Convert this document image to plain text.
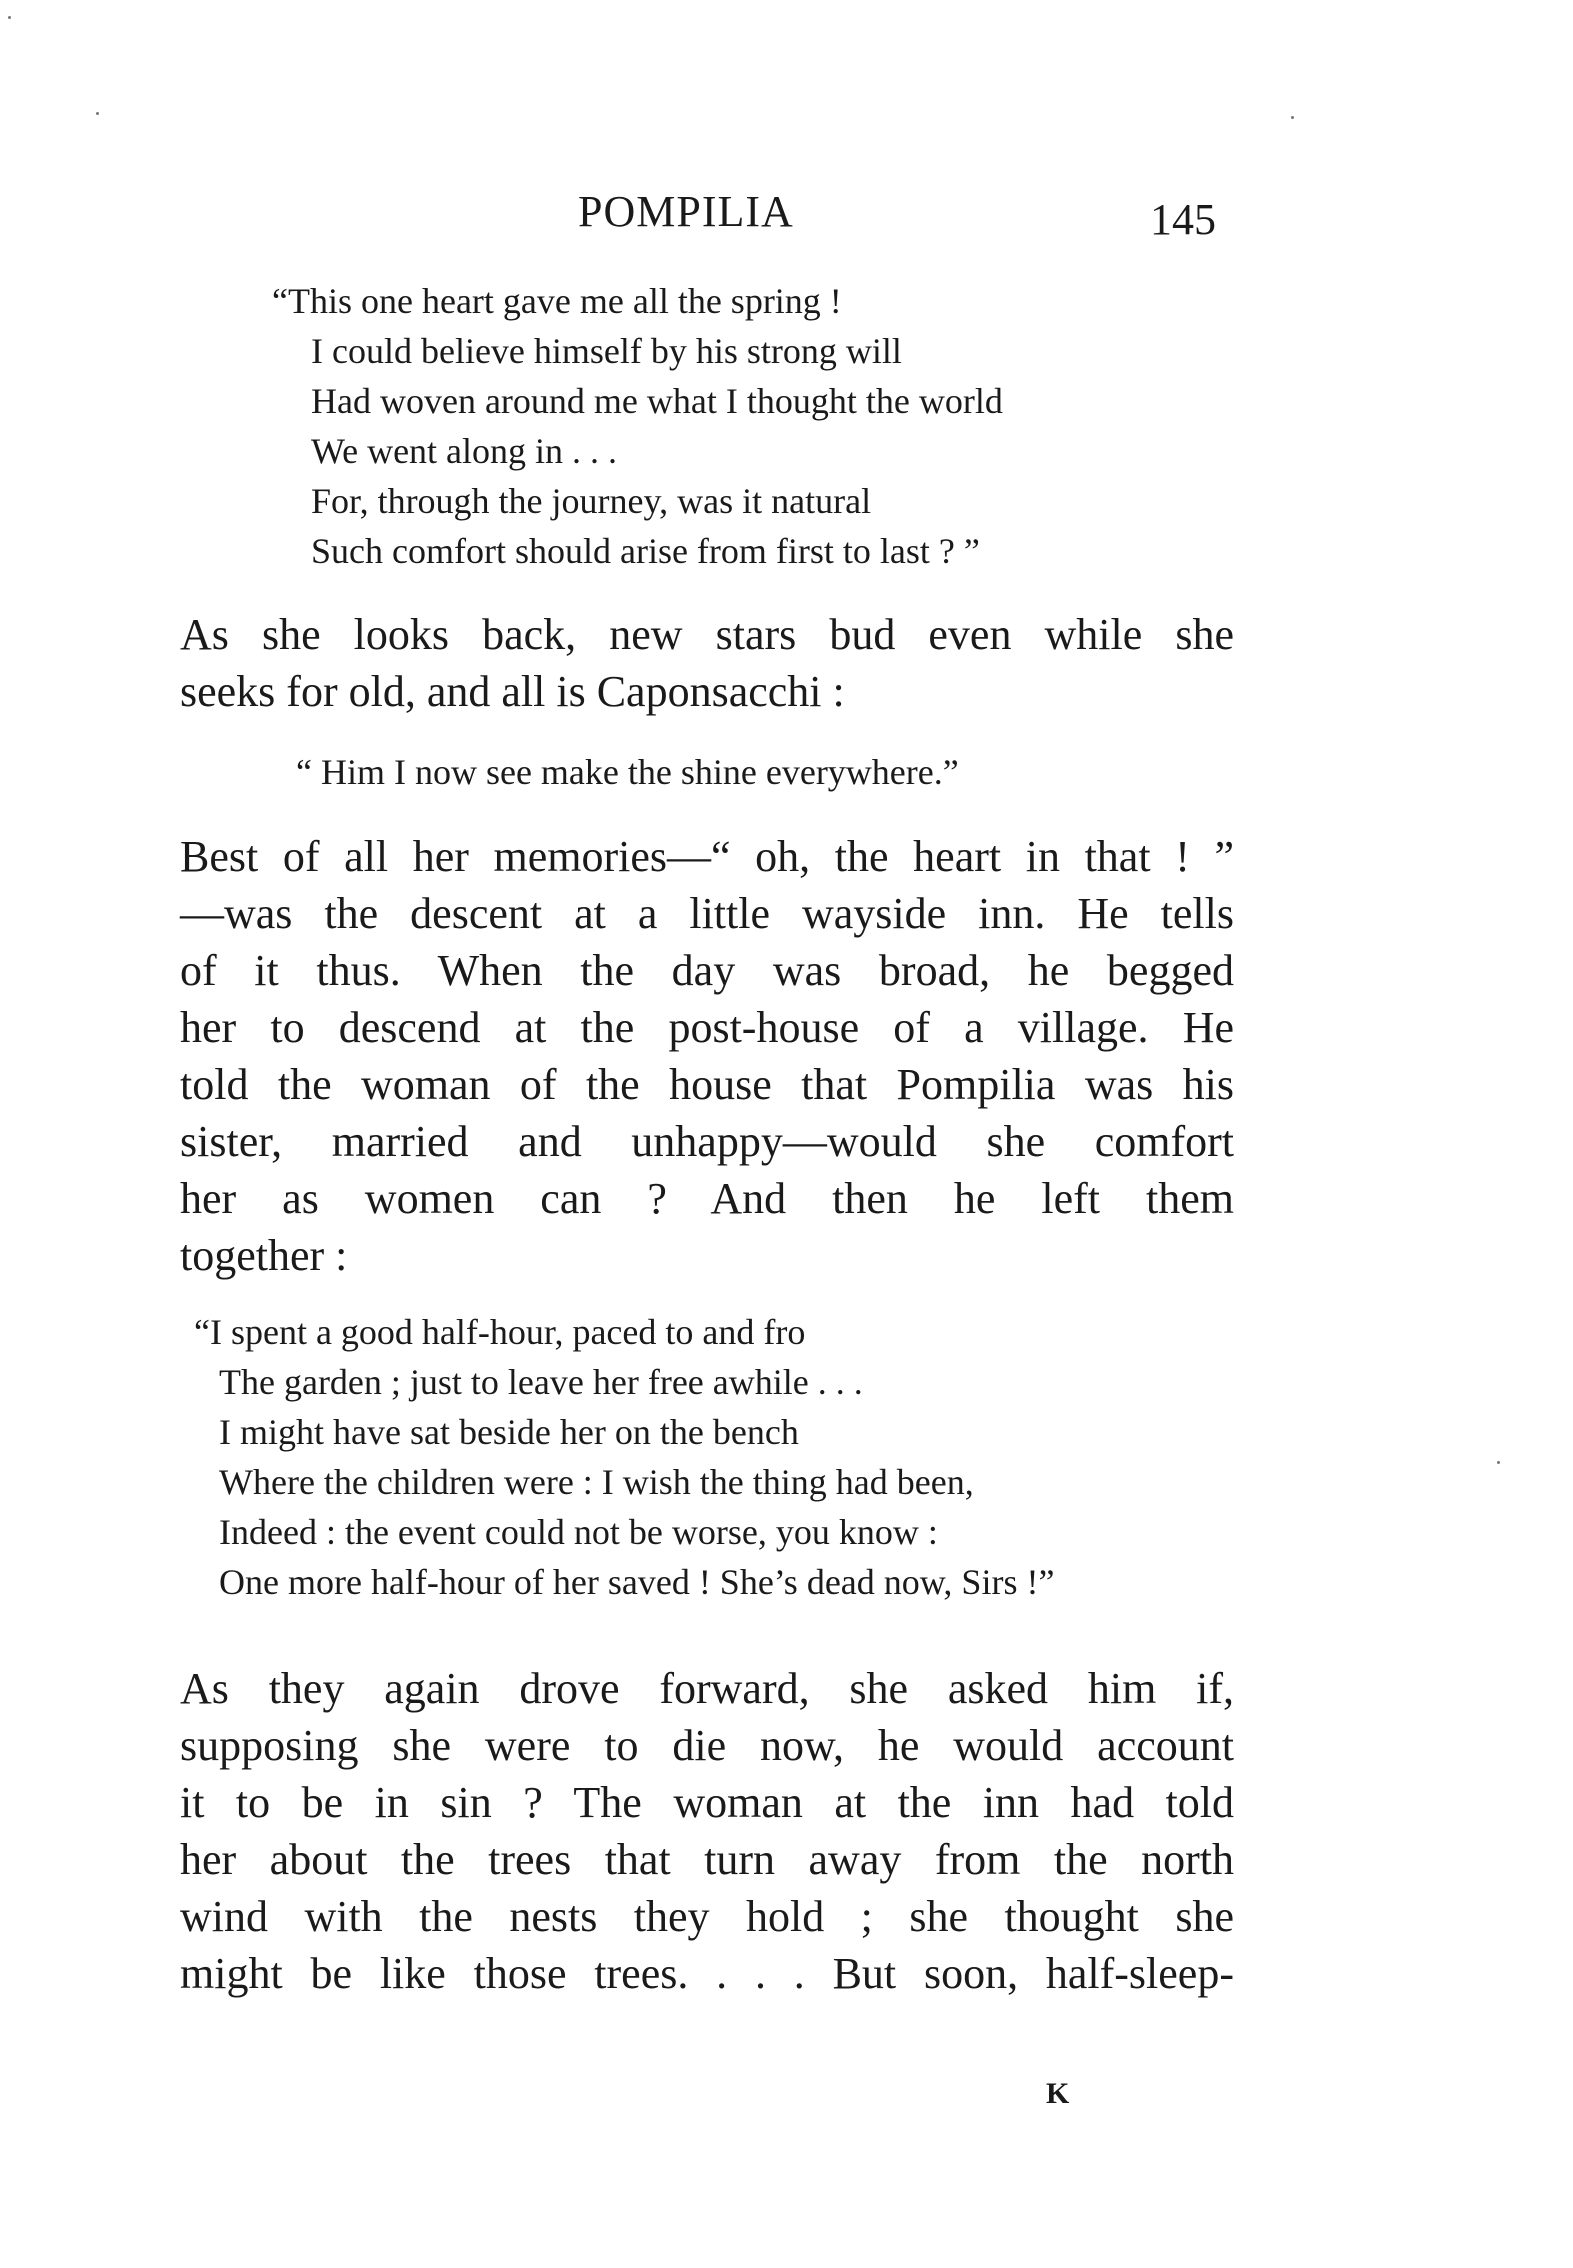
POMPILIA	145
“This one heart gave me all the spring !
I could believe himself by his strong will
Had woven around me what I thought the world
We went along in . . .
For, through the journey, was it natural
Such comfort should arise from first to last ? ”
As she looks back, new stars bud even while she
seeks for old, and all is Caponsacchi :
“ Him I now see make the shine everywhere.”
Best of all her memories—“ oh, the heart in that ! ”
—was the descent at a little wayside inn. He tells
of it thus. When the day was broad, he begged
her to descend at the post-house of a village. He
told the woman of the house that Pompilia was his
sister, married and unhappy—would she comfort
her as women can ? And then he left them
together :
“I spent a good half-hour, paced to and fro
The garden ; just to leave her free awhile . . .
I might have sat beside her on the bench
Where the children were : I wish the thing had been,
Indeed : the event could not be worse, you know :
One more half-hour of her saved ! She’s dead now, Sirs !”
As they again drove forward, she asked him if,
supposing she were to die now, he would account
it to be in sin ? The woman at the inn had told
her about the trees that turn away from the north
wind with the nests they hold ; she thought she
might be like those trees. . . . But soon, half-sleep-
K
